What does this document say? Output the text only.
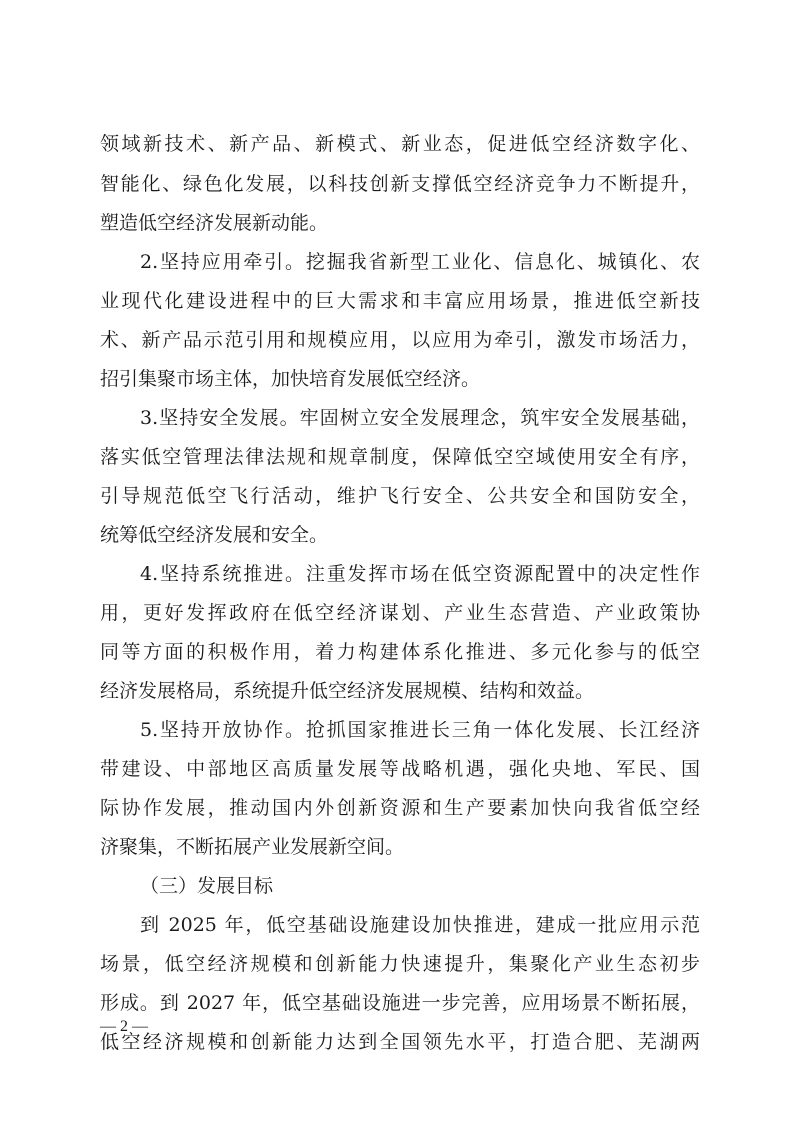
领域新技术、新产品、新模式、新业态，促进低空经济数字化、
智能化、绿色化发展，以科技创新支撑低空经济竞争力不断提升，
塑造低空经济发展新动能。
2.坚持应用牵引。挖掘我省新型工业化、信息化、城镇化、农
业现代化建设进程中的巨大需求和丰富应用场景，推进低空新技
术、新产品示范引用和规模应用，以应用为牵引，激发市场活力，
招引集聚市场主体，加快培育发展低空经济。
3.坚持安全发展。牢固树立安全发展理念，筑牢安全发展基础，
落实低空管理法律法规和规章制度，保障低空空域使用安全有序，
引导规范低空飞行活动，维护飞行安全、公共安全和国防安全，
统筹低空经济发展和安全。
4.坚持系统推进。注重发挥市场在低空资源配置中的决定性作
用，更好发挥政府在低空经济谋划、产业生态营造、产业政策协
同等方面的积极作用，着力构建体系化推进、多元化参与的低空
经济发展格局，系统提升低空经济发展规模、结构和效益。
5.坚持开放协作。抢抓国家推进长三角一体化发展、长江经济
带建设、中部地区高质量发展等战略机遇，强化央地、军民、国
际协作发展，推动国内外创新资源和生产要素加快向我省低空经
济聚集，不断拓展产业发展新空间。
（三）发展目标
到 2025 年，低空基础设施建设加快推进，建成一批应用示范
场景，低空经济规模和创新能力快速提升，集聚化产业生态初步
形成。到 2027 年，低空基础设施进一步完善，应用场景不断拓展，
低空经济规模和创新能力达到全国领先水平，打造合肥、芜湖两
— 2 —
